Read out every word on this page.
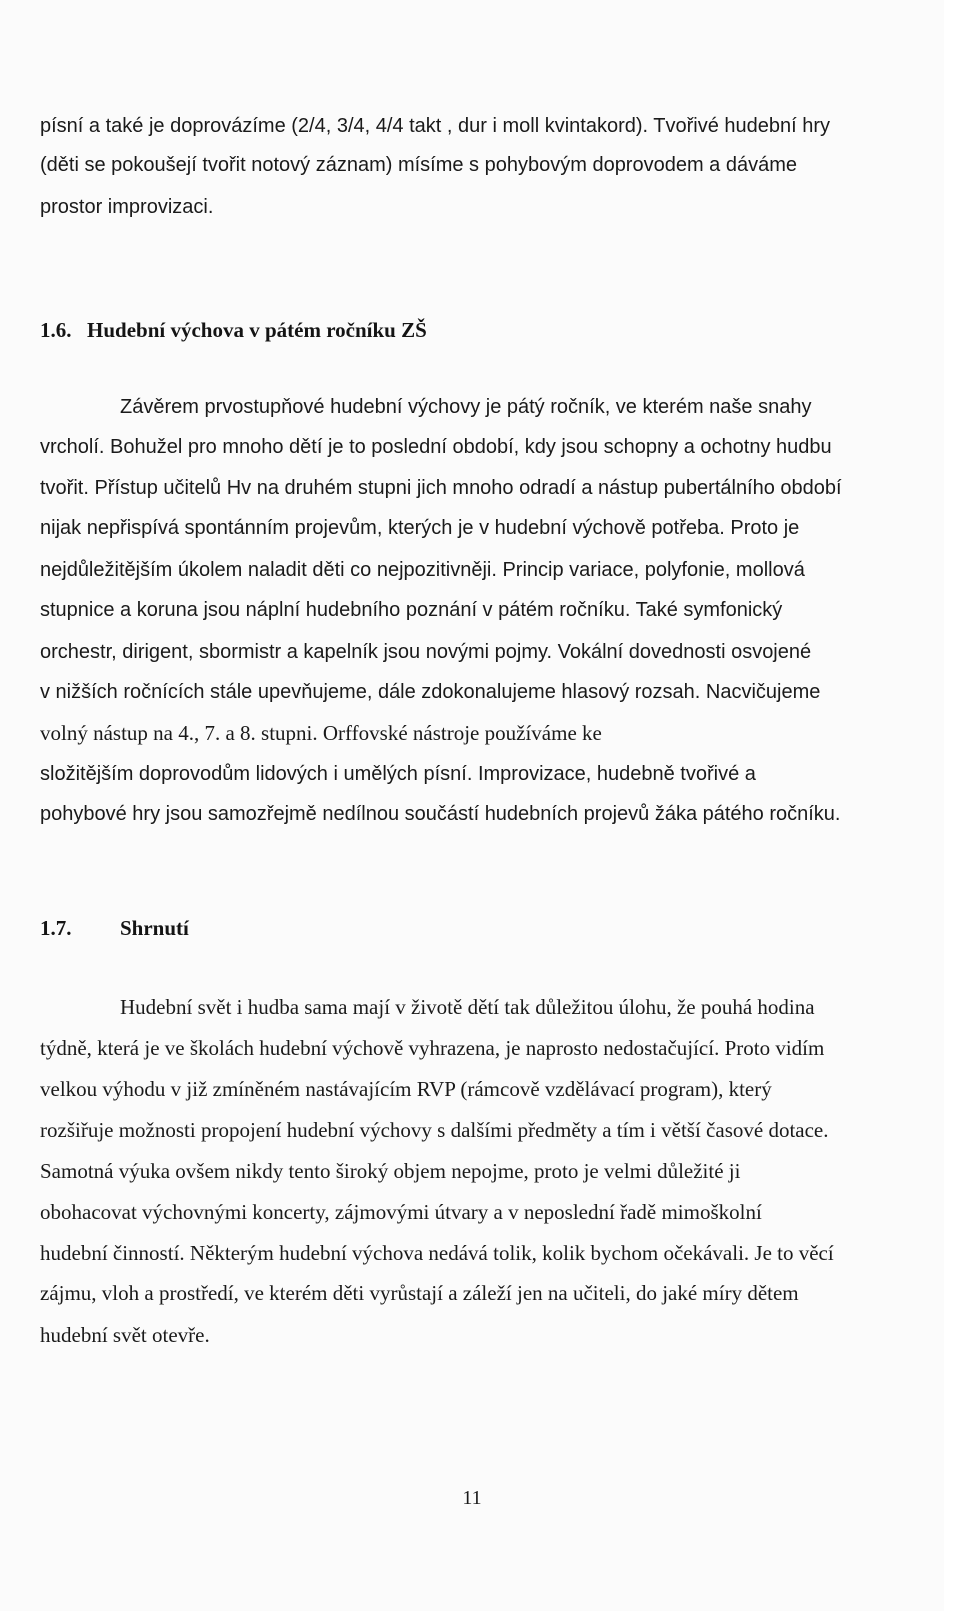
písní a také je doprovázíme (2/4, 3/4, 4/4 takt , dur i moll kvintakord). Tvořivé hudební hry

(děti se pokoušejí tvořit notový záznam) mísíme s pohybovým doprovodem a dáváme

prostor improvizaci.

1.6. Hudební výchova v pátém ročníku ZŠ

Závěrem prvostupňové hudební výchovy je pátý ročník, ve kterém naše snahy

vrcholí. Bohužel pro mnoho dětí je to poslední období, kdy jsou schopny a ochotny hudbu

tvořit. Přístup učitelů Hv na druhém stupni jich mnoho odradí a nástup pubertálního období

nijak nepřispívá spontánním projevům, kterých je v hudební výchově potřeba. Proto je

nejdůležitějším úkolem naladit děti co nejpozitivněji. Princip variace, polyfonie, mollová

stupnice a koruna jsou náplní hudebního poznání v pátém ročníku. Také symfonický

orchestr, dirigent, sbormistr a kapelník jsou novými pojmy. Vokální dovednosti osvojené

v nižších ročnících stále upevňujeme, dále zdokonalujeme hlasový rozsah. Nacvičujeme

volný nástup na 4., 7. a 8. stupni. Orffovské nástroje používáme ke

složitějším doprovodům lidových i umělých písní. Improvizace, hudebně tvořivé a

pohybové hry jsou samozřejmě nedílnou součástí hudebních projevů žáka pátého ročníku.

1.7. Shrnutí

Hudební svět i hudba sama mají v životě dětí tak důležitou úlohu, že pouhá hodina

týdně, která je ve školách hudební výchově vyhrazena, je naprosto nedostačující. Proto vidím

velkou výhodu v již zmíněném nastávajícím RVP (rámcově vzdělávací program), který

rozšiřuje možnosti propojení hudební výchovy s dalšími předměty a tím i větší časové dotace.

Samotná výuka ovšem nikdy tento široký objem nepojme, proto je velmi důležité ji

obohacovat výchovnými koncerty, zájmovými útvary a v neposlední řadě mimoškolní

hudební činností. Některým hudební výchova nedává tolik, kolik bychom očekávali. Je to věcí

zájmu, vloh a prostředí, ve kterém děti vyrůstají a záleží jen na učiteli, do jaké míry dětem

hudební svět otevře.

11
